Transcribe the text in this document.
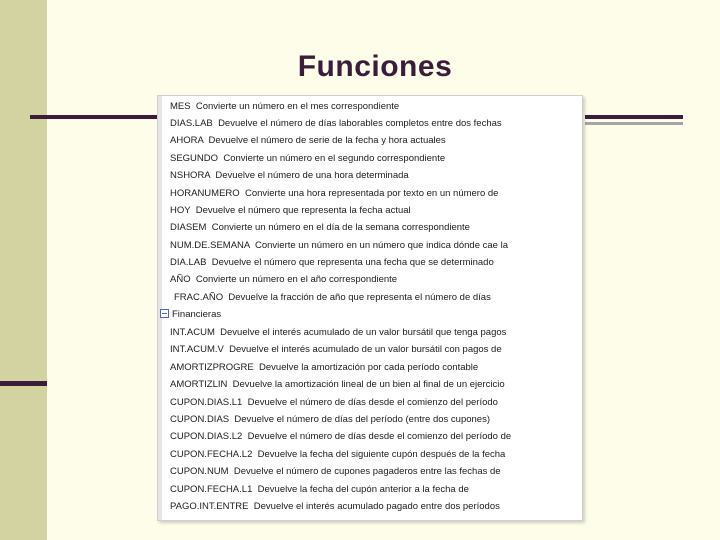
Funciones
MES Convierte un número en el mes correspondiente
DIAS.LAB Devuelve el número de días laborables completos entre dos fechas
AHORA Devuelve el número de serie de la fecha y hora actuales
SEGUNDO Convierte un número en el segundo correspondiente
NSHORA Devuelve el número de una hora determinada
HORANUMERO Convierte una hora representada por texto en un número de
HOY Devuelve el número que representa la fecha actual
DIASEM Convierte un número en el día de la semana correspondiente
NUM.DE.SEMANA Convierte un número en un número que indica dónde cae la
DIA.LAB Devuelve el número que representa una fecha que se determinado
AÑO Convierte un número en el año correspondiente
FRAC.AÑO Devuelve la fracción de año que representa el número de días
Financieras
INT.ACUM Devuelve el interés acumulado de un valor bursátil que tenga pagos
INT.ACUM.V Devuelve el interés acumulado de un valor bursátil con pagos de
AMORTIZPROGRE Devuelve la amortización por cada período contable
AMORTIZLIN Devuelve la amortización lineal de un bien al final de un ejercicio
CUPON.DIAS.L1 Devuelve el número de días desde el comienzo del período
CUPON.DIAS Devuelve el número de días del período (entre dos cupones)
CUPON.DIAS.L2 Devuelve el número de días desde el comienzo del período de
CUPON.FECHA.L2 Devuelve la fecha del siguiente cupón después de la fecha
CUPON.NUM Devuelve el número de cupones pagaderos entre las fechas de
CUPON.FECHA.L1 Devuelve la fecha del cupón anterior a la fecha de
PAGO.INT.ENTRE Devuelve el interés acumulado pagado entre dos períodos
